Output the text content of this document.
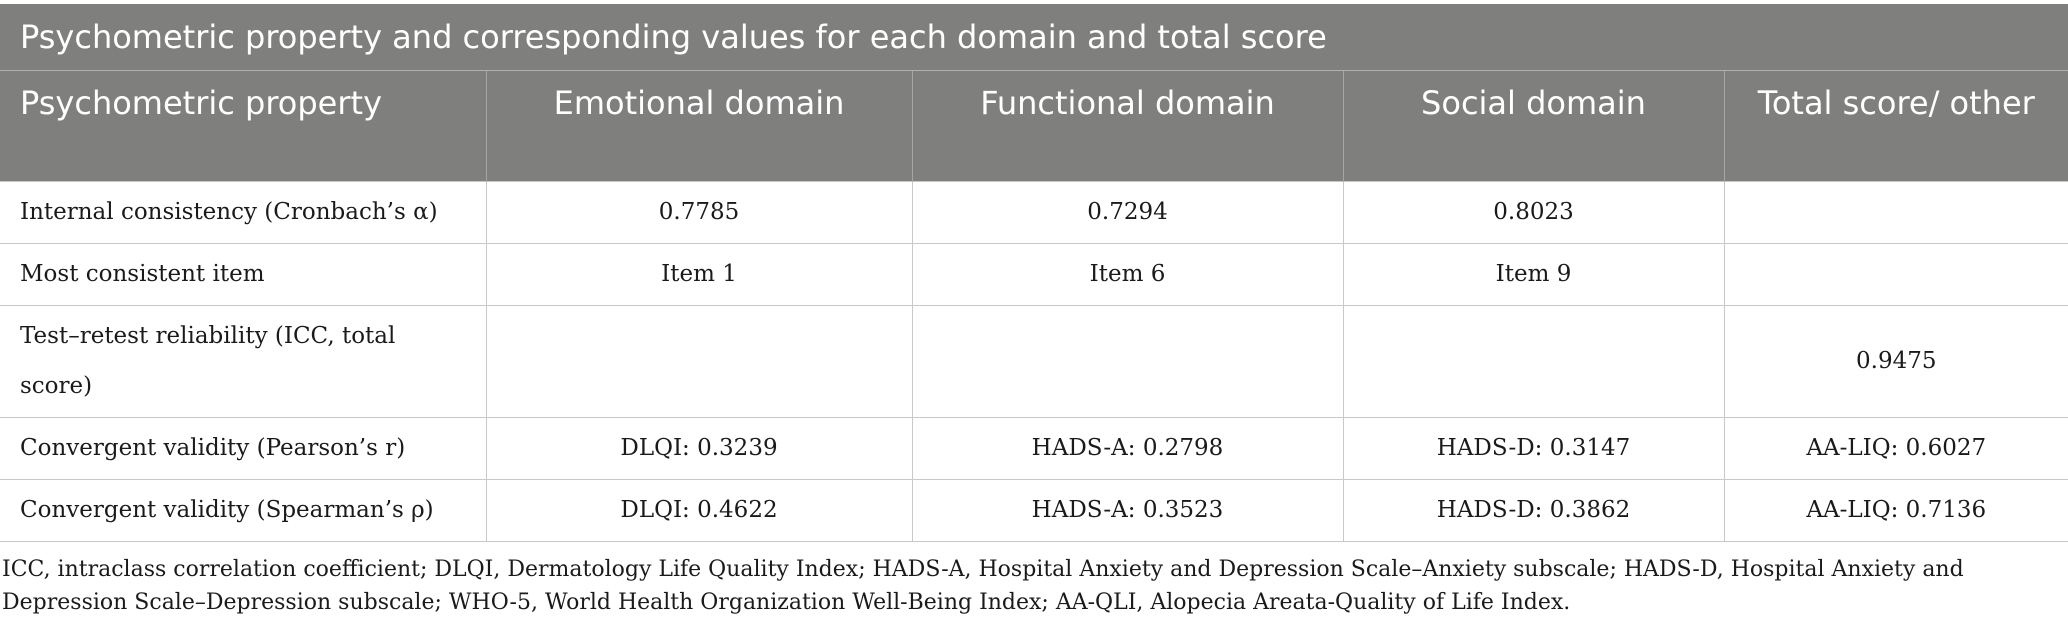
Psychometric property and corresponding values for each domain and total score
Psychometric property	Emotional domain	Functional domain	Social domain	Total score/ other
Internal consistency (Cronbach’s α)	0.7785	0.7294	0.8023	
Most consistent item	Item 1	Item 6	Item 9	
Test–retest reliability (ICC, total score)				0.9475
Convergent validity (Pearson’s r)	DLQI: 0.3239	HADS-A: 0.2798	HADS-D: 0.3147	AA-LIQ: 0.6027
Convergent validity (Spearman’s ρ)	DLQI: 0.4622	HADS-A: 0.3523	HADS-D: 0.3862	AA-LIQ: 0.7136
ICC, intraclass correlation coefficient; DLQI, Dermatology Life Quality Index; HADS-A, Hospital Anxiety and Depression Scale–Anxiety subscale; HADS-D, Hospital Anxiety and Depression Scale–Depression subscale; WHO-5, World Health Organization Well-Being Index; AA-QLI, Alopecia Areata-Quality of Life Index.
